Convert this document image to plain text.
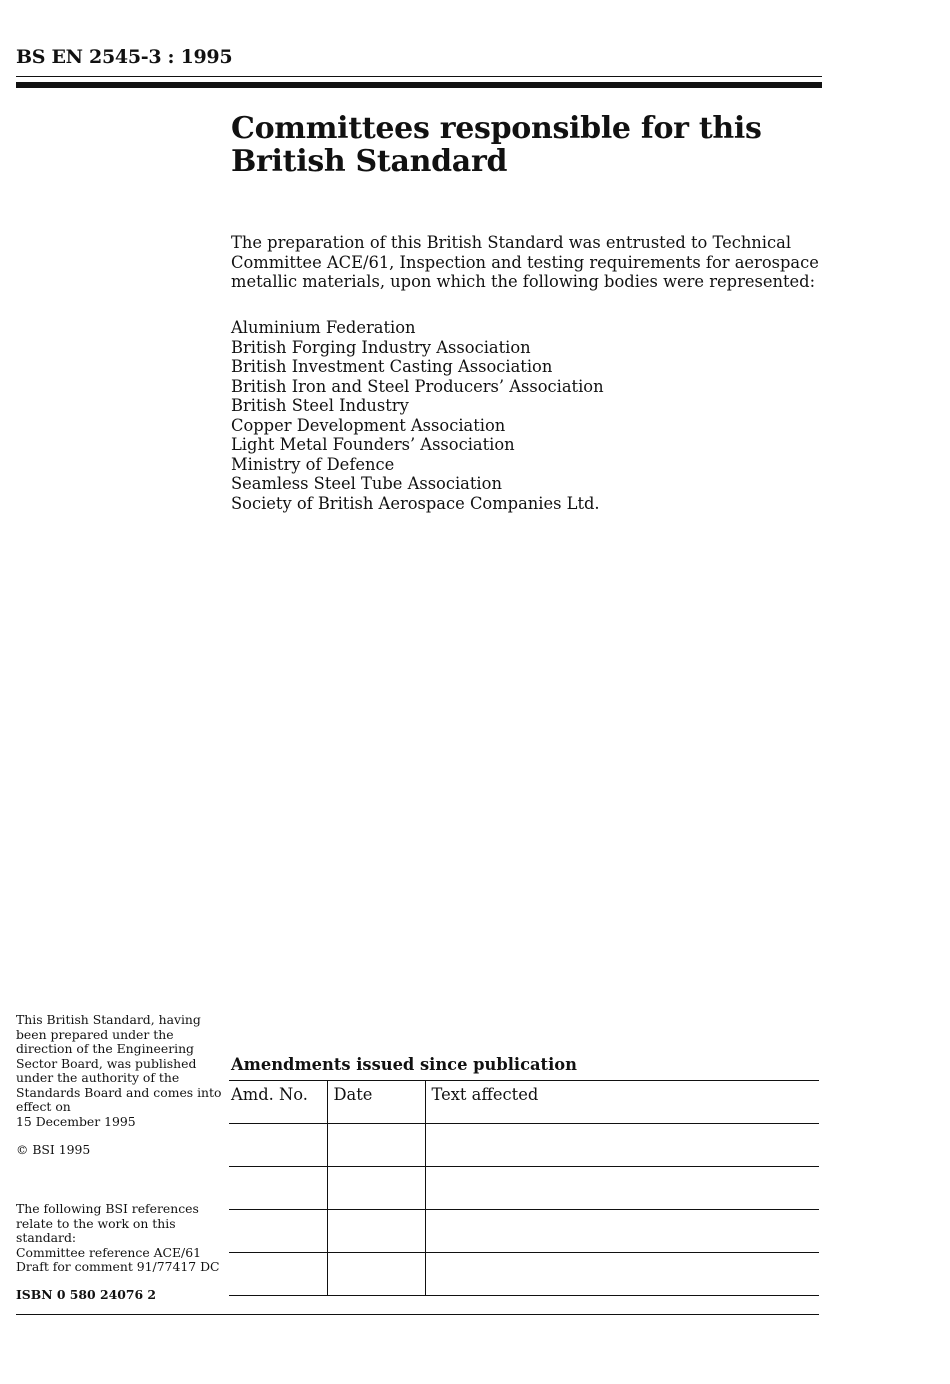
BS EN 2545-3 : 1995
Committees responsible for this
British Standard

The preparation of this British Standard was entrusted to Technical Committee ACE/61, Inspection and testing requirements for aerospace metallic materials, upon which the following bodies were represented:

Aluminium Federation
British Forging Industry Association
British Investment Casting Association
British Iron and Steel Producers’ Association
British Steel Industry
Copper Development Association
Light Metal Founders’ Association
Ministry of Defence
Seamless Steel Tube Association
Society of British Aerospace Companies Ltd.
This British Standard, having been prepared under the direction of the Engineering Sector Board, was published under the authority of the Standards Board and comes into effect on
15 December 1995
© BSI 1995
The following BSI references relate to the work on this standard:
Committee reference ACE/61
Draft for comment 91/77417 DC
ISBN 0 580 24076 2
Amendments issued since publication
Amd. No.	Date	Text affected
